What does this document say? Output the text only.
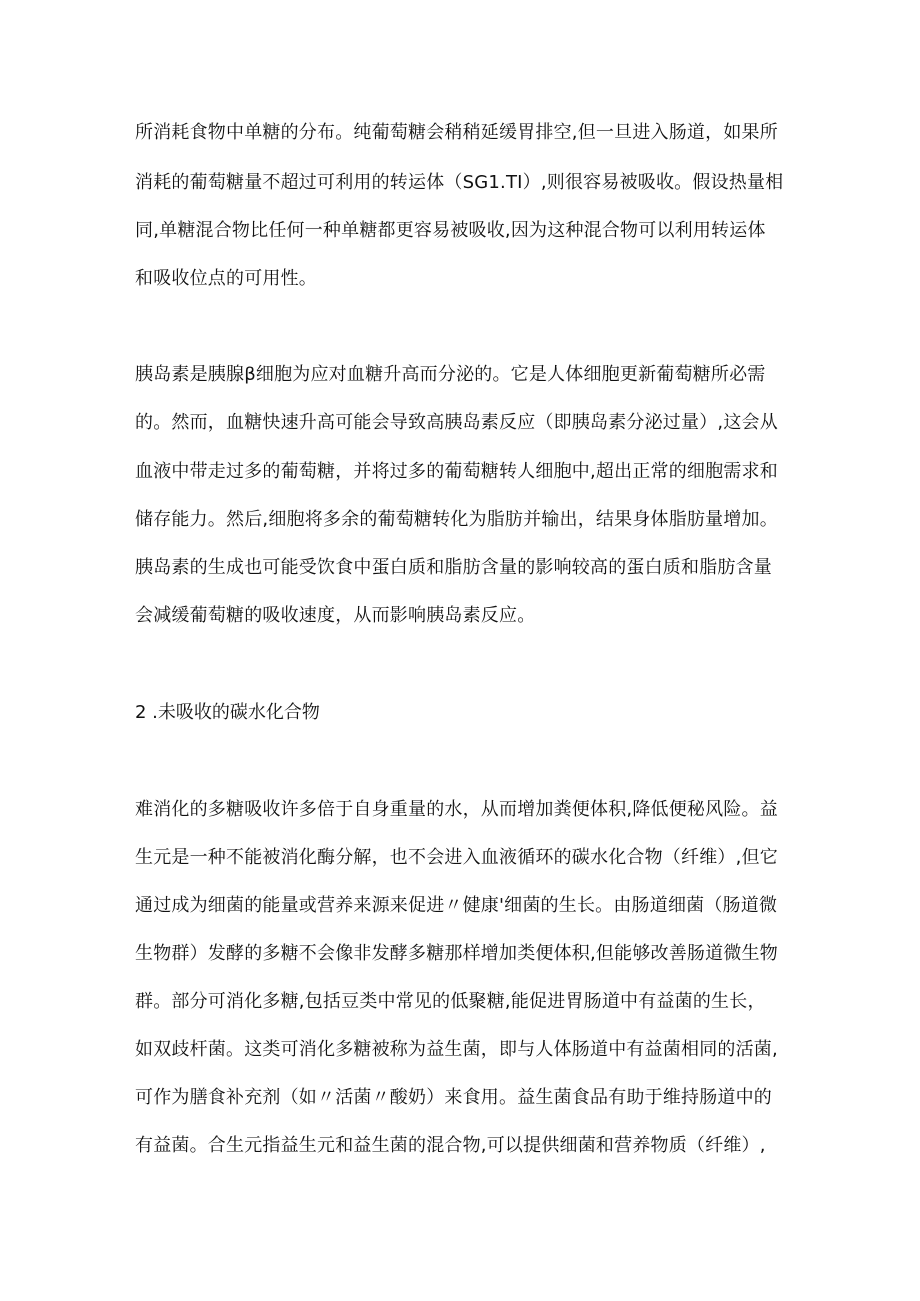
所消耗食物中单糖的分布。纯葡萄糖会稍稍延缓胃排空,但一旦进入肠道，如果所
消耗的葡萄糖量不超过可利用的转运体（SG1.TI）,则很容易被吸收。假设热量相
同,单糖混合物比任何一种单糖都更容易被吸收,因为这种混合物可以利用转运体
和吸收位点的可用性。
胰岛素是胰腺β细胞为应对血糖升高而分泌的。它是人体细胞更新葡萄糖所必需
的。然而，血糖快速升高可能会导致高胰岛素反应（即胰岛素分泌过量）,这会从
血液中带走过多的葡萄糖，并将过多的葡萄糖转人细胞中,超出正常的细胞需求和
储存能力。然后,细胞将多余的葡萄糖转化为脂肪并输出，结果身体脂肪量增加。
胰岛素的生成也可能受饮食中蛋白质和脂肪含量的影响较高的蛋白质和脂肪含量
会减缓葡萄糖的吸收速度，从而影响胰岛素反应。
2 .未吸收的碳水化合物
难消化的多糖吸收许多倍于自身重量的水，从而增加粪便体积,降低便秘风险。益
生元是一种不能被消化酶分解，也不会进入血液循环的碳水化合物（纤维）,但它
通过成为细菌的能量或营养来源来促进〃健康'细菌的生长。由肠道细菌（肠道微
生物群）发酵的多糖不会像非发酵多糖那样增加类便体积,但能够改善肠道微生物
群。部分可消化多糖,包括豆类中常见的低聚糖,能促进胃肠道中有益菌的生长，
如双歧杆菌。这类可消化多糖被称为益生菌，即与人体肠道中有益菌相同的活菌,
可作为膳食补充剂（如〃活菌〃酸奶）来食用。益生菌食品有助于维持肠道中的
有益菌。合生元指益生元和益生菌的混合物,可以提供细菌和营养物质（纤维）,
